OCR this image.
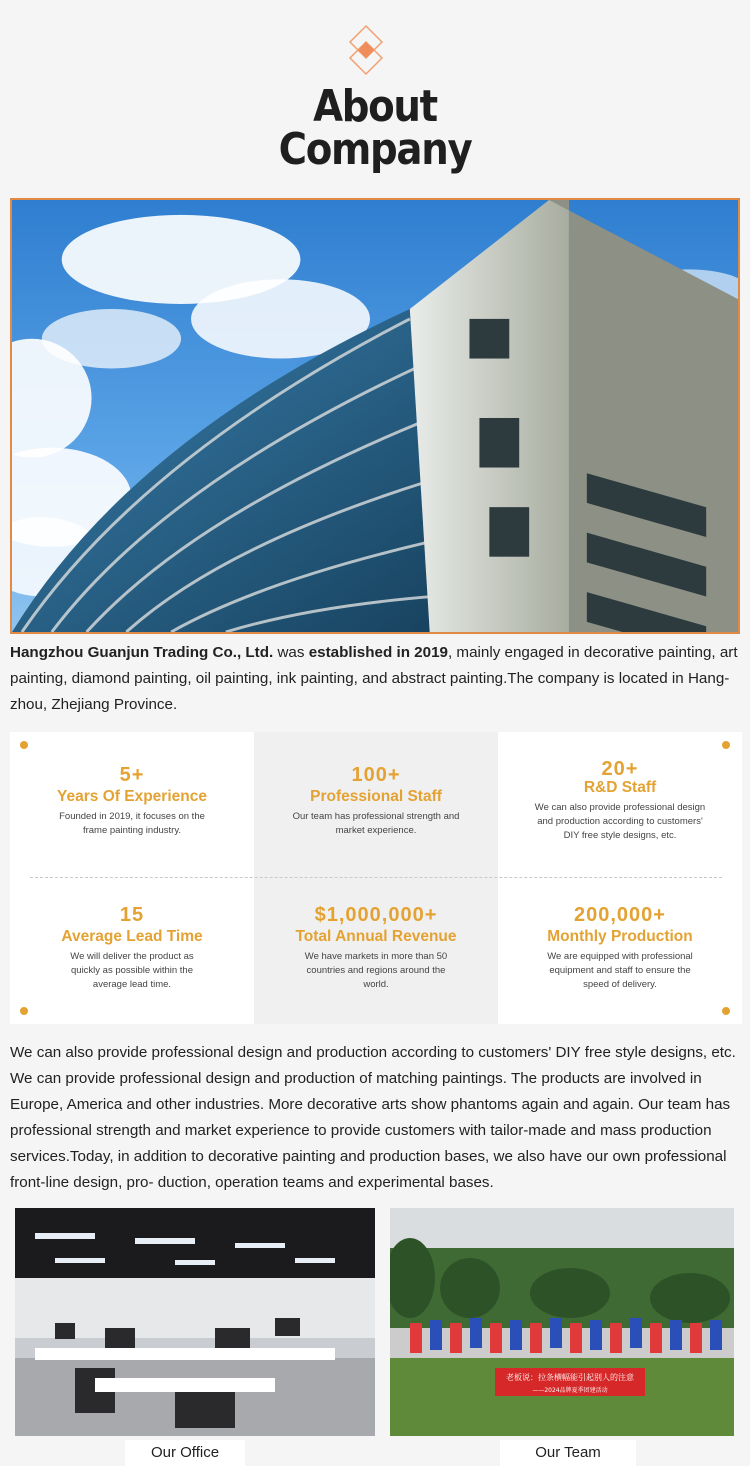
About
Company
Hangzhou Guanjun Trading Co., Ltd. was established in 2019, mainly engaged in decorative painting, art painting, diamond painting, oil painting, ink painting, and abstract painting.The company is located in Hang- zhou, Zhejiang Province.
5+
Years Of Experience
Founded in 2019, it focuses on the frame painting industry.
100+
Professional Staff
Our team has professional strength and market experience.
20+
R&D Staff
We can also provide professional design and production according to customers' DIY free style designs, etc.
15
Average Lead Time
We will deliver the product as quickly as possible within the average lead time.
$1,000,000+
Total Annual Revenue
We have markets in more than 50 countries and regions around the world.
200,000+
Monthly Production
We are equipped with professional equipment and staff to ensure the speed of delivery.
We can also provide professional design and production according to customers' DIY free style designs, etc. We can provide professional design and production of matching paintings. The products are involved in Europe, America and other industries. More decorative arts show phantoms again and again. Our team has professional strength and market experience to provide customers with tailor-made and mass production services.Today, in addition to decorative painting and production bases, we also have our own professional front-line design, pro- duction, operation teams and experimental bases.
Our Office
老板说：拉条横幅能引起别人的注意
——2024品牌夏季团建活动
Our Team
